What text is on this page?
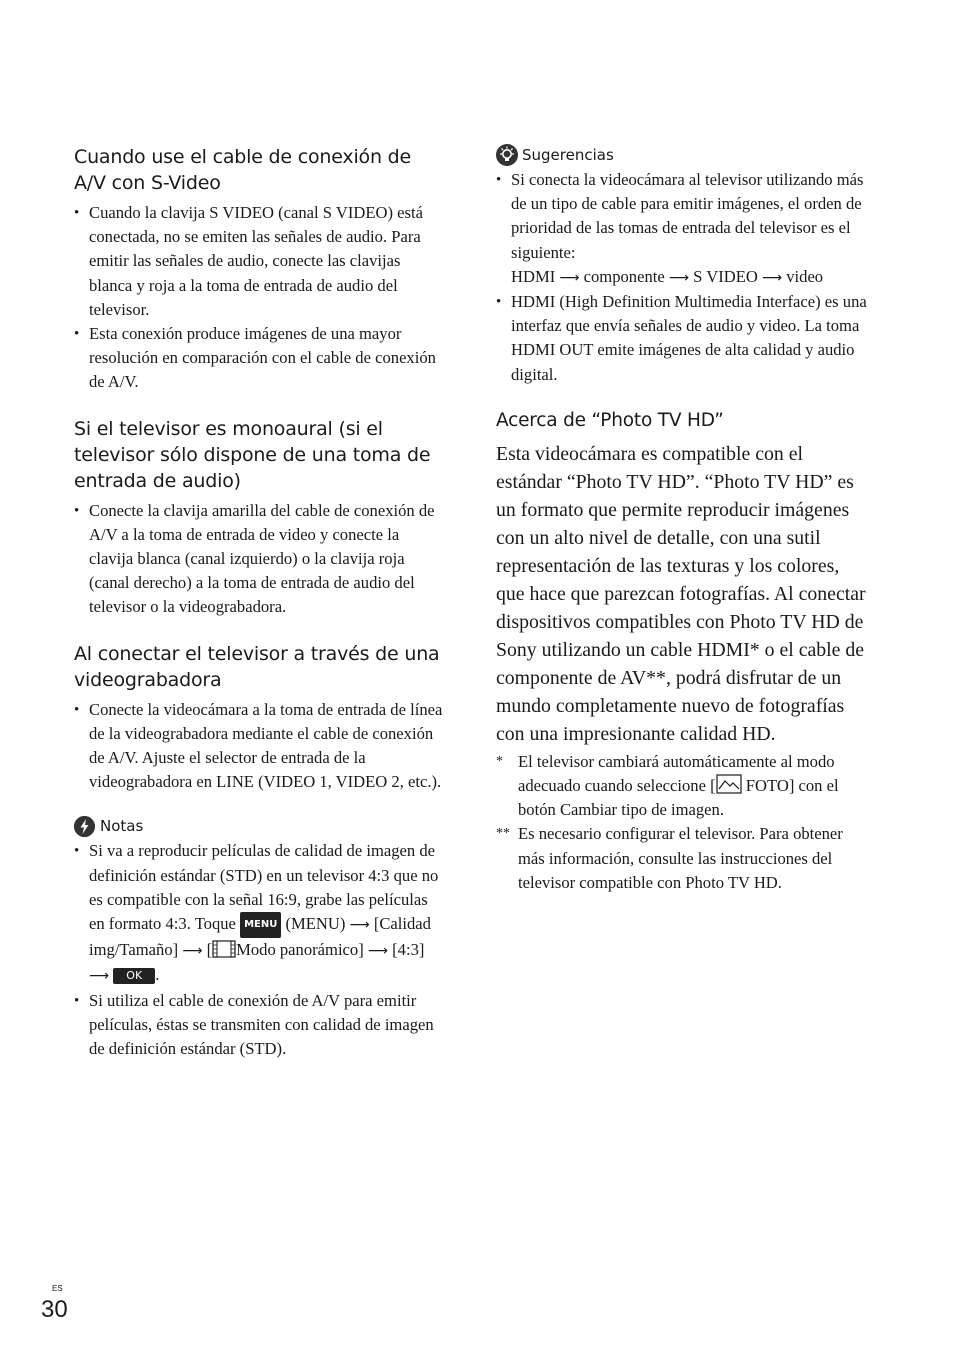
Cuando use el cable de conexión de A/V con S-Video
• Cuando la clavija S VIDEO (canal S VIDEO) está conectada, no se emiten las señales de audio. Para emitir las señales de audio, conecte las clavijas blanca y roja a la toma de entrada de audio del televisor.
• Esta conexión produce imágenes de una mayor resolución en comparación con el cable de conexión de A/V.
Si el televisor es monoaural (si el televisor sólo dispone de una toma de entrada de audio)
• Conecte la clavija amarilla del cable de conexión de A/V a la toma de entrada de video y conecte la clavija blanca (canal izquierdo) o la clavija roja (canal derecho) a la toma de entrada de audio del televisor o la videograbadora.
Al conectar el televisor a través de una videograbadora
• Conecte la videocámara a la toma de entrada de línea de la videograbadora mediante el cable de conexión de A/V. Ajuste el selector de entrada de la videograbadora en LINE (VIDEO 1, VIDEO 2, etc.).
Notas
• Si va a reproducir películas de calidad de imagen de definición estándar (STD) en un televisor 4:3 que no es compatible con la señal 16:9, grabe las películas en formato 4:3. Toque MENU (MENU) ⟶ [Calidad img/Tamaño] ⟶ [ Modo panorámico] ⟶ [4:3] ⟶ OK .
• Si utiliza el cable de conexión de A/V para emitir películas, éstas se transmiten con calidad de imagen de definición estándar (STD).
Sugerencias
• Si conecta la videocámara al televisor utilizando más de un tipo de cable para emitir imágenes, el orden de prioridad de las tomas de entrada del televisor es el siguiente:
HDMI ⟶ componente ⟶ S VIDEO ⟶ video
• HDMI (High Definition Multimedia Interface) es una interfaz que envía señales de audio y video. La toma HDMI OUT emite imágenes de alta calidad y audio digital.
Acerca de “Photo TV HD”

Esta videocámara es compatible con el estándar “Photo TV HD”. “Photo TV HD” es un formato que permite reproducir imágenes con un alto nivel de detalle, con una sutil representación de las texturas y los colores, que hace que parezcan fotografías. Al conectar dispositivos compatibles con Photo TV HD de Sony utilizando un cable HDMI* o el cable de componente de AV**, podrá disfrutar de un mundo completamente nuevo de fotografías con una impresionante calidad HD.

* El televisor cambiará automáticamente al modo adecuado cuando seleccione [ FOTO] con el botón Cambiar tipo de imagen.
** Es necesario configurar el televisor. Para obtener más información, consulte las instrucciones del televisor compatible con Photo TV HD.
ES
30
